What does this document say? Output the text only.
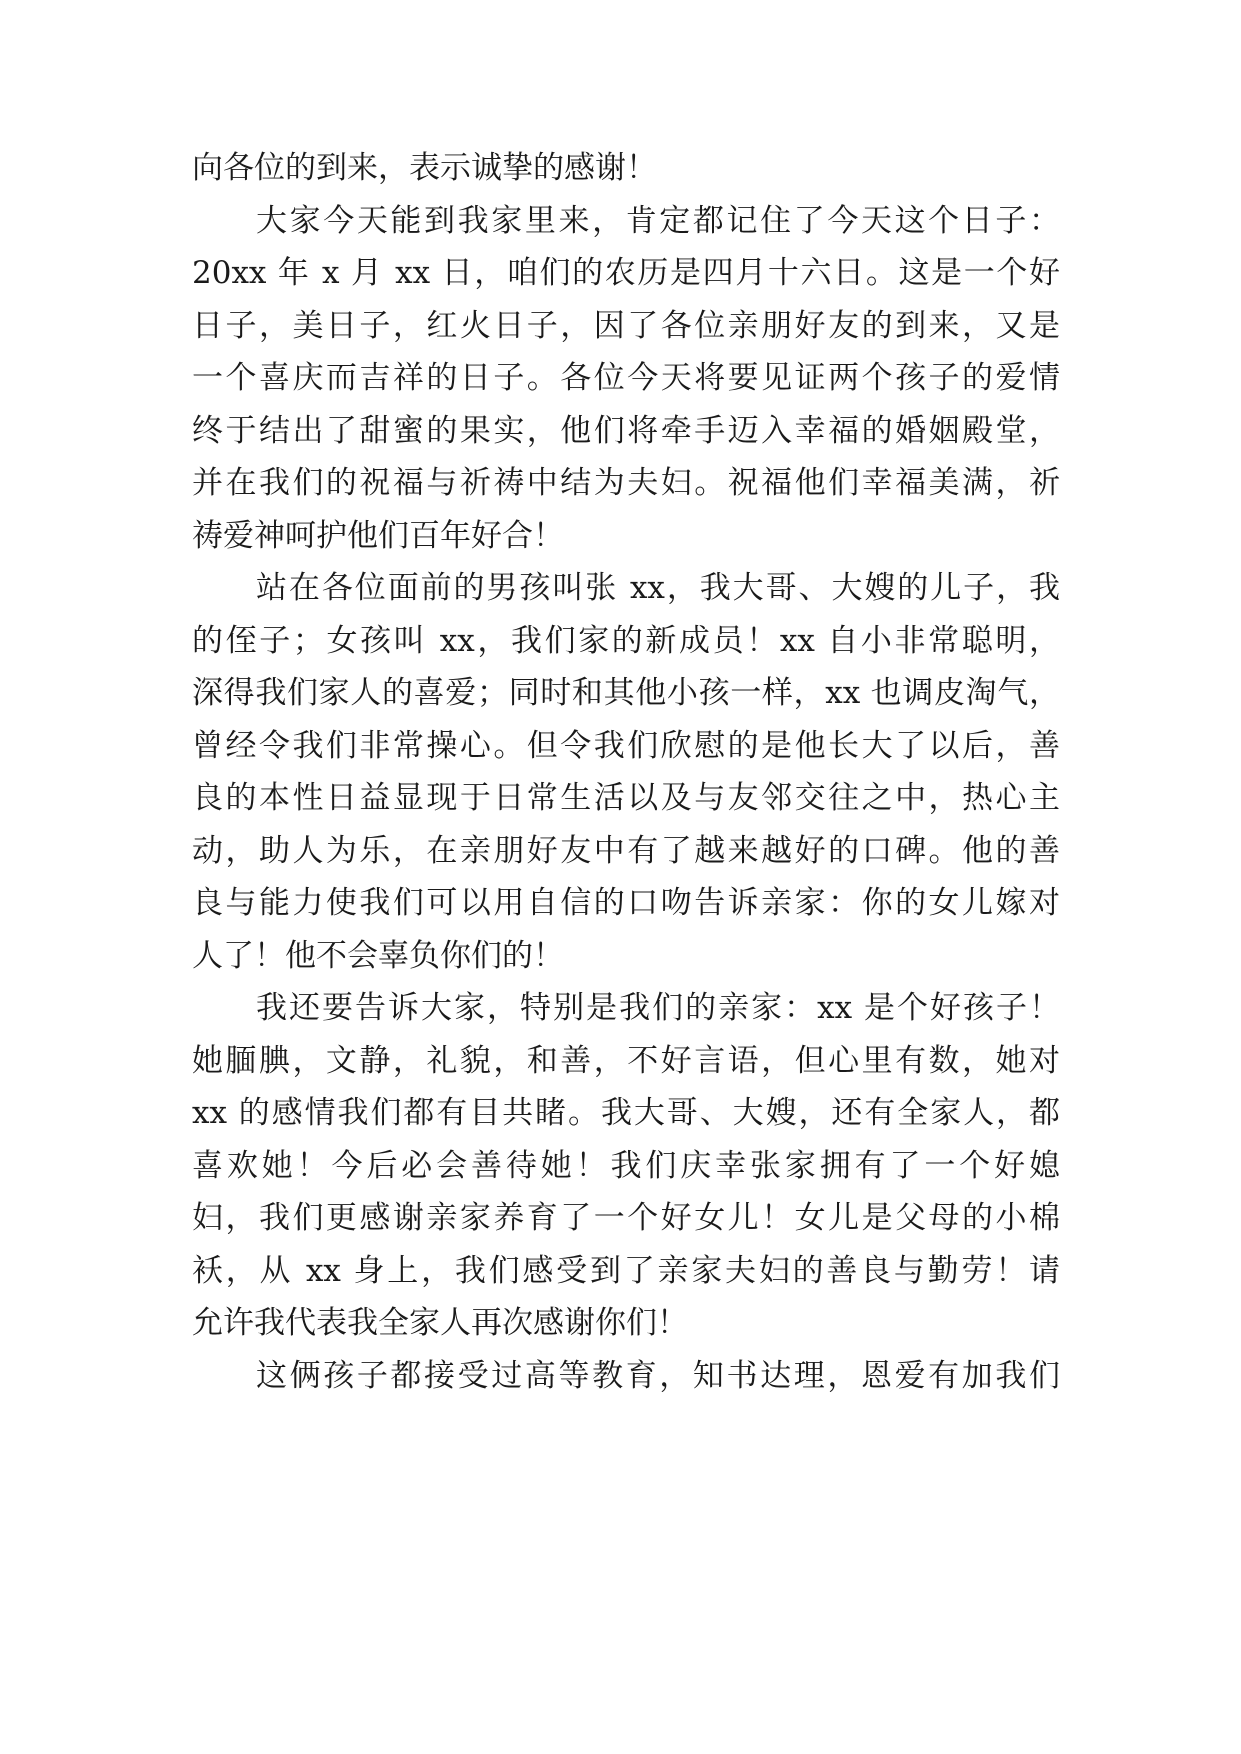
向各位的到来，表示诚挚的感谢！

大家今天能到我家里来，肯定都记住了今天这个日子：

20xx 年 x 月 xx 日，咱们的农历是四月十六日。这是一个好

日子，美日子，红火日子，因了各位亲朋好友的到来，又是

一个喜庆而吉祥的日子。各位今天将要见证两个孩子的爱情

终于结出了甜蜜的果实，他们将牵手迈入幸福的婚姻殿堂，

并在我们的祝福与祈祷中结为夫妇。祝福他们幸福美满，祈

祷爱神呵护他们百年好合！

站在各位面前的男孩叫张 xx，我大哥、大嫂的儿子，我

的侄子；女孩叫 xx，我们家的新成员！xx 自小非常聪明，

深得我们家人的喜爱；同时和其他小孩一样，xx 也调皮淘气，

曾经令我们非常操心。但令我们欣慰的是他长大了以后，善

良的本性日益显现于日常生活以及与友邻交往之中，热心主

动，助人为乐，在亲朋好友中有了越来越好的口碑。他的善

良与能力使我们可以用自信的口吻告诉亲家：你的女儿嫁对

人了！他不会辜负你们的！

我还要告诉大家，特别是我们的亲家：xx 是个好孩子！

她腼腆，文静，礼貌，和善，不好言语，但心里有数，她对

xx 的感情我们都有目共睹。我大哥、大嫂，还有全家人，都

喜欢她！今后必会善待她！我们庆幸张家拥有了一个好媳

妇，我们更感谢亲家养育了一个好女儿！女儿是父母的小棉

袄，从 xx 身上，我们感受到了亲家夫妇的善良与勤劳！请

允许我代表我全家人再次感谢你们！

这俩孩子都接受过高等教育，知书达理，恩爱有加我们
